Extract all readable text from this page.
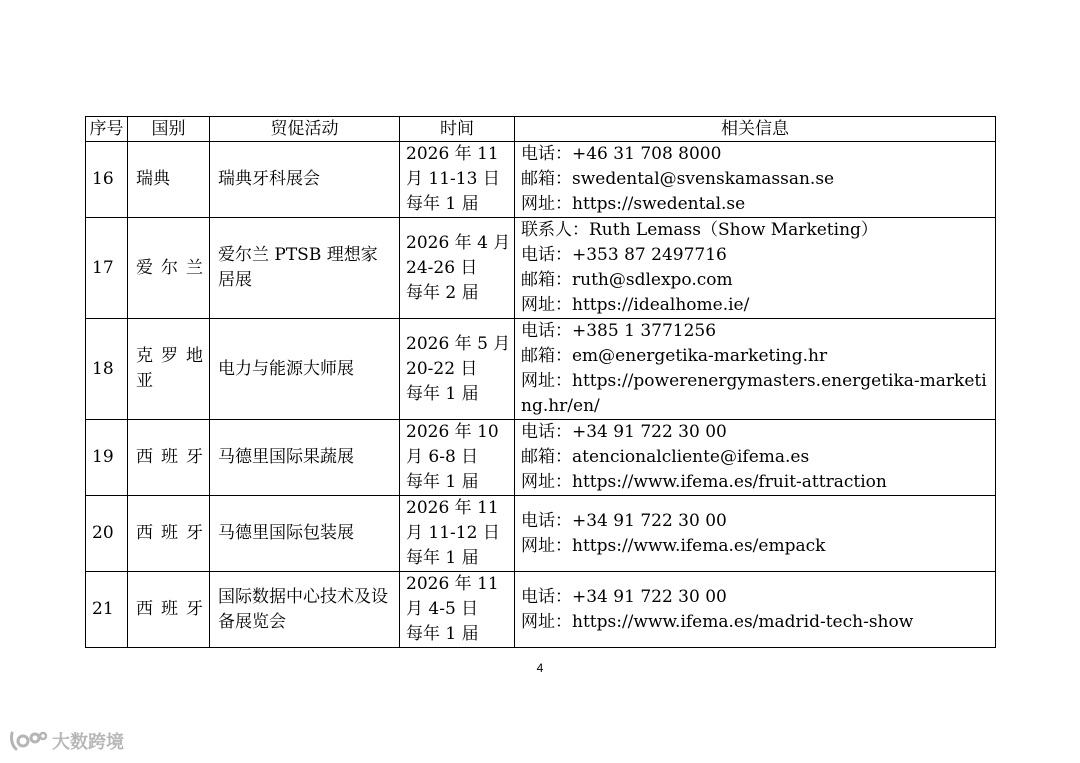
序号	国别	贸促活动	时间	相关信息
16	瑞典	瑞典牙科展会	2026 年 11
月 11-13 日
每年 1 届	电话：+46 31 708 8000
邮箱：swedental@svenskamassan.se
网址：https://swedental.se

17	爱尔兰	爱尔兰 PTSB 理想家居展	2026 年 4 月
24-26 日
每年 2 届	联系人：Ruth Lemass（Show Marketing）
电话：+353 87 2497716
邮箱：ruth@sdlexpo.com
网址：https://idealhome.ie/

18	克罗地亚	电力与能源大师展	2026 年 5 月
20-22 日
每年 1 届	电话：+385 1 3771256
邮箱：em@energetika-marketing.hr
网址：https://powerenergymasters.energetika-marketing.hr/en/

19	西班牙	马德里国际果蔬展	2026 年 10
月 6-8 日
每年 1 届	电话：+34 91 722 30 00
邮箱：atencionalcliente@ifema.es
网址：https://www.ifema.es/fruit-attraction

20	西班牙	马德里国际包装展	2026 年 11
月 11-12 日
每年 1 届	电话：+34 91 722 30 00
网址：https://www.ifema.es/empack

21	西班牙	国际数据中心技术及设备展览会	2026 年 11
月 4-5 日
每年 1 届	电话：+34 91 722 30 00
网址：https://www.ifema.es/madrid-tech-show
4
大数跨境
